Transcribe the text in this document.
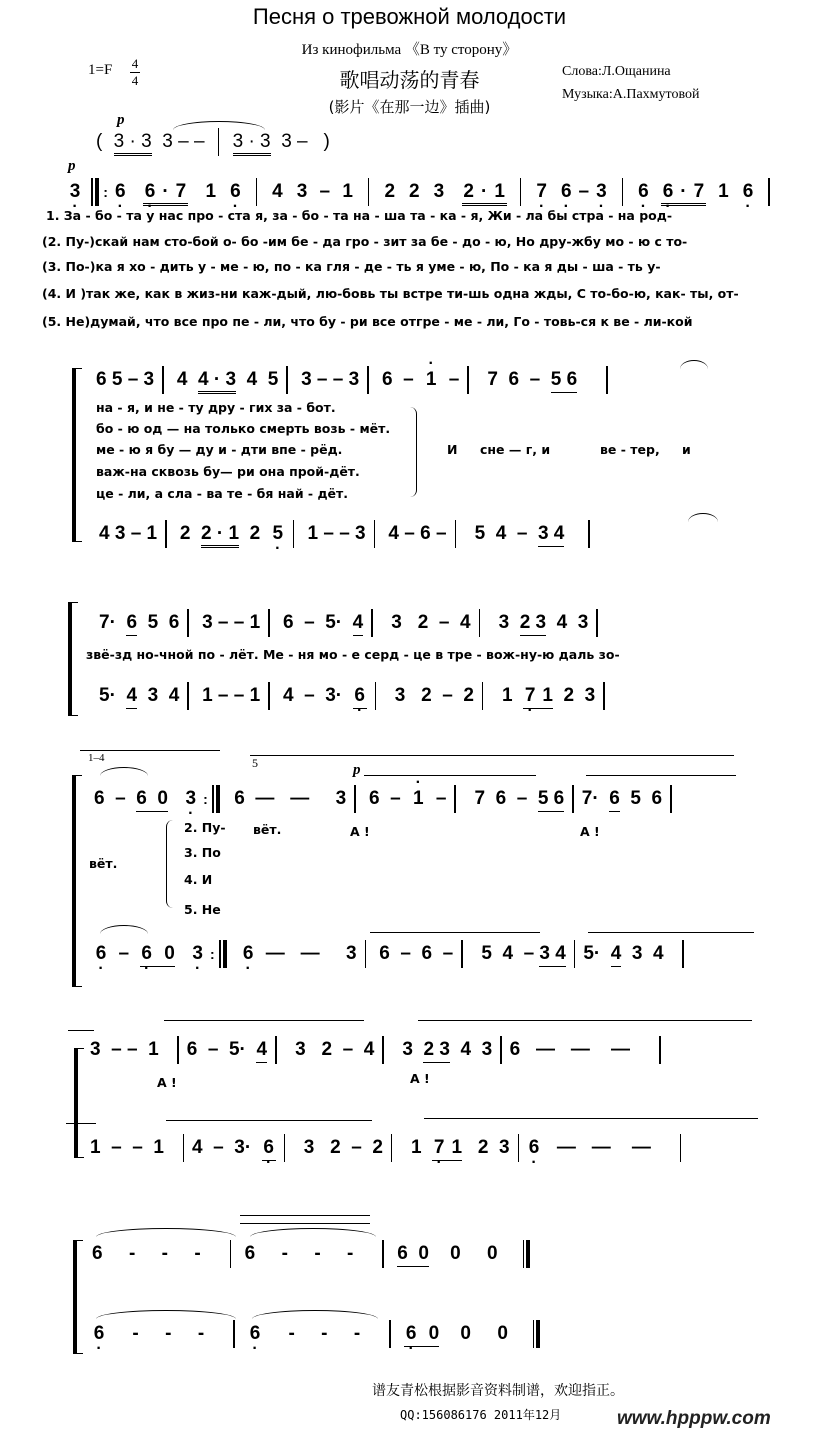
Песня о тревожной молодости
Из кинофильма 《В ту сторону》
1=F 4
4	歌唱动荡的青春
(影片《在那一边》插曲)
Слова:Л.Ощанина
Музыка:А.Пахмутовой
p
( 3 · 3 3 – – 3 · 3 3 – )
p
3 · : 6 · 6 · · 7 1 6 · 4 3  –  1 2 2 3 2 · 1 7 · 6 · – 3 · 6 · 6 · · 7 1 6 ·
1. За - бо - та у нас про - ста я, за - бо - та на - ша та - ка - я, Жи - ла бы стра - на род-
(2. Пу-)скай нам сто-бой о- бо -им бе - да гро - зит за бе - до - ю, Но дру-жбу мо - ю с то-
(3. По-)ка я хо - дить у - ме - ю, по - ка гля - де - ть я уме - ю, По - ка я ды - ша - ть у-
(4. И )так же, как в жиз-ни каж-дый, лю-бовь ты встре ти-шь одна жды, С то-бо-ю, как- ты, от-
(5. Не)думай, что все про пе - ли, что бу - ри все отгре - ме - ли, Го - товь-ся к ве - ли-кой
6 5 – 3 4  4 · 3  4  5 3 – – 3 6  –  · 1  –  7  6  –  5 6
на - я, и не - ту дру - гих за - бот.
бо - ю од — на только смерть возь - мёт.
ме - ю я бу — ду и - дти впе - рёд.
важ-на сквозь бу— ри она прой-дёт.
це - ли, а сла - ва те - бя най - дёт.
И сне — г, и	ве - тер, и
4 3 – 1 2  2 · 1  2  5 · 1 – – 3 4 – 6 –  5  4  –  3 4
7·  6  5  6 3 – – 1 6  –  5·  4  3   2  –  4  3  2 3  4  3
звё-зд но-чной по - лёт. Ме - ня мо - е серд - це в тре - вож-ну-ю даль зо-
5·  4  3  4 1 – – 1 4  –  3·  6 ·  3   2  –  2  1  7 · 1  2  3
1–4	5	p
6  –  6  0 3 · :  6  —   —     3 6  –  · 1  –  7  6  –  5 6 7·  6  5  6
вёт.
2. Пу-
3. По
4. И
5. Не
вёт.	А !	А !
6 ·  –  6 ·  0 3 · : 6 ·  —   —     3 6  –  6  –  5  4  – 3 4 5·  4  3  4
3  – –  1  6  –  5·  4  3   2  –  4  3  2 3  4  3 6   —   —    —
А !	А !
1  –  –  1  4  –  3·  6 ·  3   2  –  2  1  7 · 1   2  3 6 ·   —   —    —
6     -     -     -     6     -     -     -     6  0    0     0
6 ·     -     -     -     6 ·     -     -     -     6 ·  0    0     0
谱友青松根据影音资料制谱，欢迎指正。
QQ:156086176 2011年12月	www.hpppw.com
